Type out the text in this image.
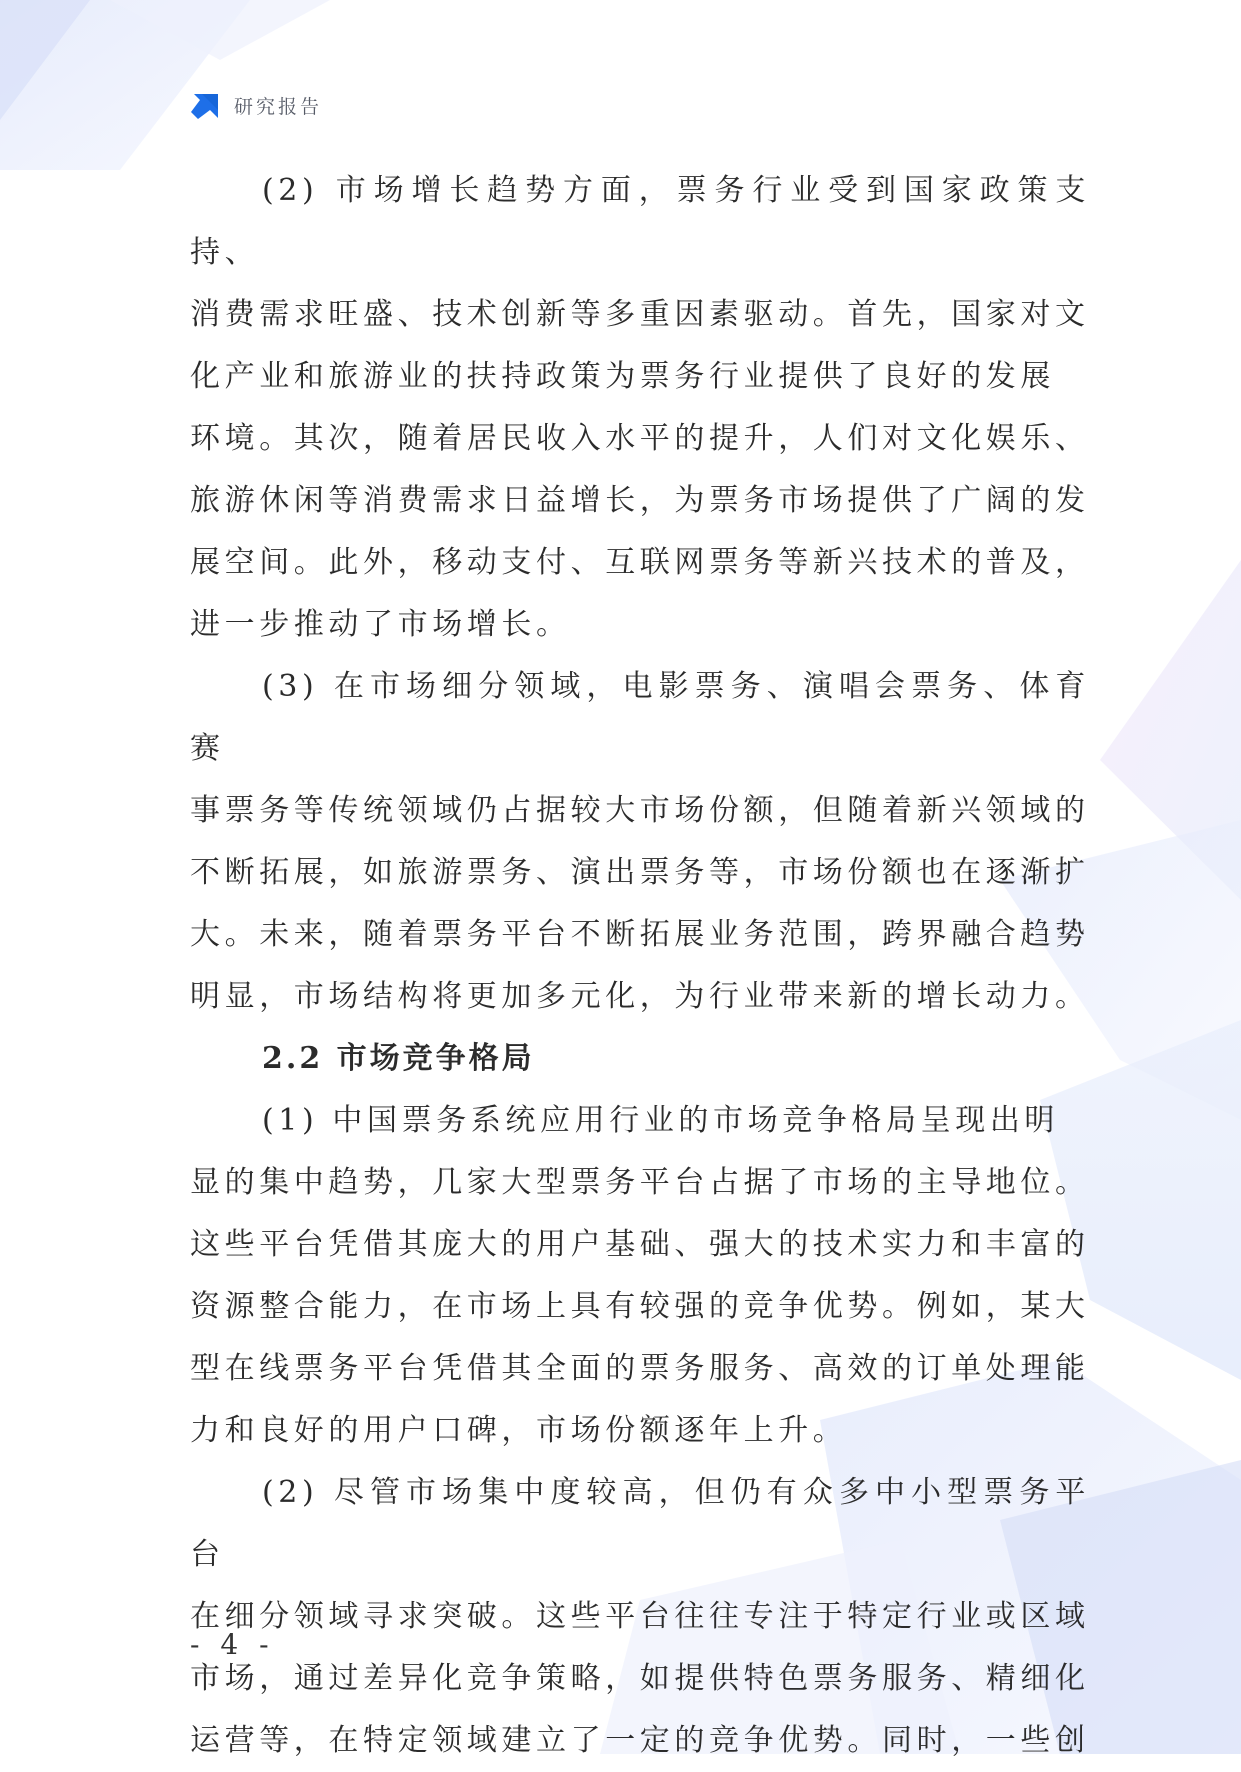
研究报告

(2) 市场增长趋势方面，票务行业受到国家政策支持、
消费需求旺盛、技术创新等多重因素驱动。首先，国家对文
化产业和旅游业的扶持政策为票务行业提供了良好的发展
环境。其次，随着居民收入水平的提升，人们对文化娱乐、
旅游休闲等消费需求日益增长，为票务市场提供了广阔的发
展空间。此外，移动支付、互联网票务等新兴技术的普及，
进一步推动了市场增长。

(3) 在市场细分领域，电影票务、演唱会票务、体育赛
事票务等传统领域仍占据较大市场份额，但随着新兴领域的
不断拓展，如旅游票务、演出票务等，市场份额也在逐渐扩
大。未来，随着票务平台不断拓展业务范围，跨界融合趋势
明显，市场结构将更加多元化，为行业带来新的增长动力。

2.2 市场竞争格局

(1) 中国票务系统应用行业的市场竞争格局呈现出明
显的集中趋势，几家大型票务平台占据了市场的主导地位。
这些平台凭借其庞大的用户基础、强大的技术实力和丰富的
资源整合能力，在市场上具有较强的竞争优势。例如，某大
型在线票务平台凭借其全面的票务服务、高效的订单处理能
力和良好的用户口碑，市场份额逐年上升。

(2) 尽管市场集中度较高，但仍有众多中小型票务平台
在细分领域寻求突破。这些平台往往专注于特定行业或区域
市场，通过差异化竞争策略，如提供特色票务服务、精细化
运营等，在特定领域建立了一定的竞争优势。同时，一些创

- 4 -
